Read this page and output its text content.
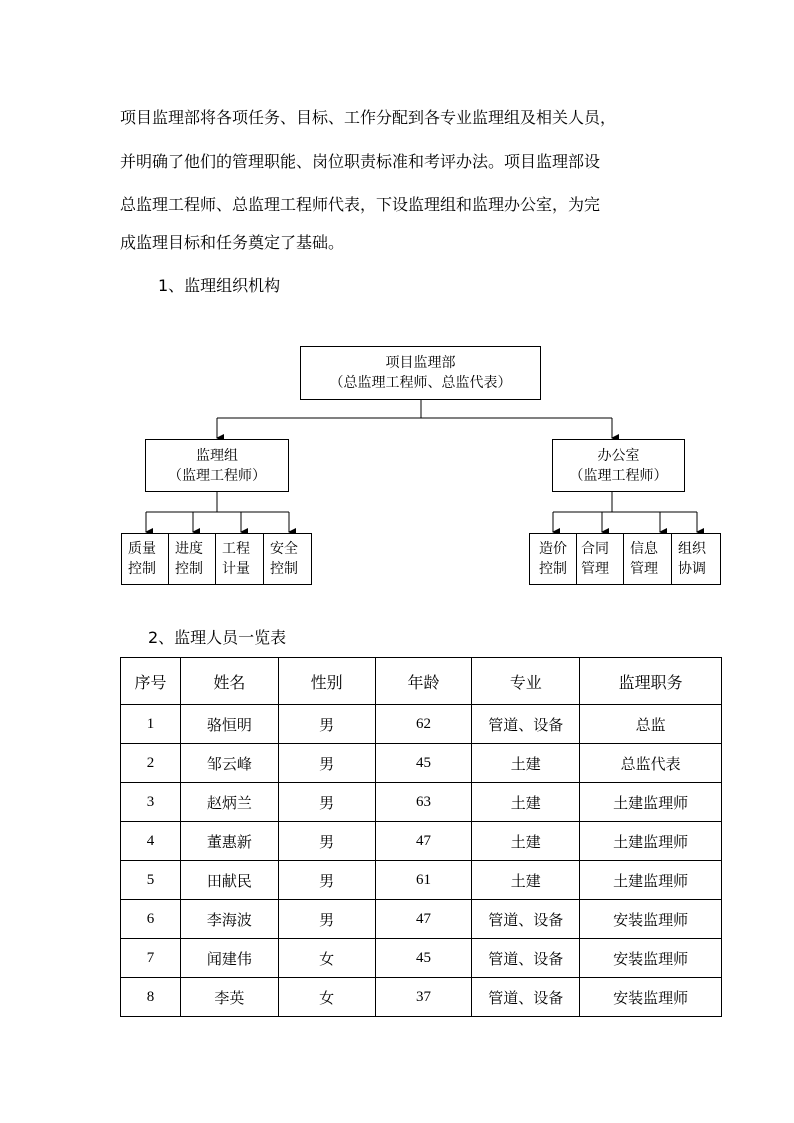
项目监理部将各项任务、目标、工作分配到各专业监理组及相关人员，
并明确了他们的管理职能、岗位职责标准和考评办法。项目监理部设
总监理工程师、总监理工程师代表，下设监理组和监理办公室，为完
成监理目标和任务奠定了基础。
1、监理组织机构
项目监理部
（总监理工程师、总监代表）
监理组
（监理工程师）
办公室
（监理工程师）
质量控制
进度控制
工程计量
安全控制
造价控制
合同管理
信息管理
组织协调
2、监理人员一览表
序号	姓名	性别	年龄	专业	监理职务
1	骆恒明	男	62	管道、设备	总监
2	邹云峰	男	45	土建	总监代表
3	赵炳兰	男	63	土建	土建监理师
4	董惠新	男	47	土建	土建监理师
5	田献民	男	61	土建	土建监理师
6	李海波	男	47	管道、设备	安装监理师
7	闻建伟	女	45	管道、设备	安装监理师
8	李英	女	37	管道、设备	安装监理师
